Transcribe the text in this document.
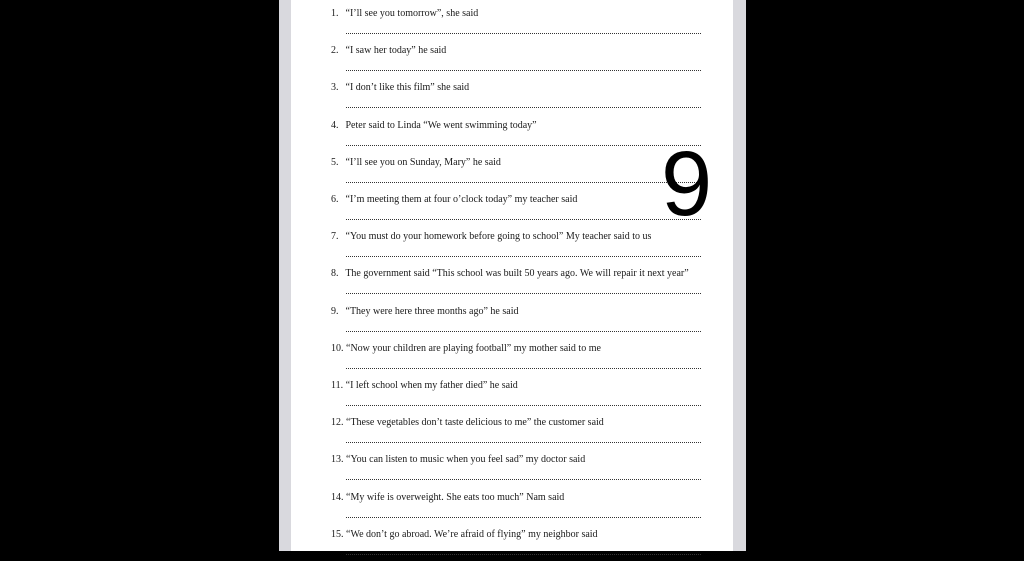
1. “I’ll see you tomorrow”, she said
2. “I saw her today” he said
3. “I don’t like this film” she said
4. Peter said to Linda “We went swimming today”
5. “I’ll see you on Sunday, Mary” he said
6. “I’m meeting them at four o’clock today” my teacher said
7. “You must do your homework before going to school” My teacher said to us
8. The government said “This school was built 50 years ago. We will repair it next year”
9. “They were here three months ago” he said
10. “Now your children are playing football” my mother said to me
11. “I left school when my father died” he said
12. “These vegetables don’t taste delicious to me” the customer said
13. “You can listen to music when you feel sad” my doctor said
14. “My wife is overweight. She eats too much” Nam said
15. “We don’t go abroad. We’re afraid of flying” my neighbor said
9
